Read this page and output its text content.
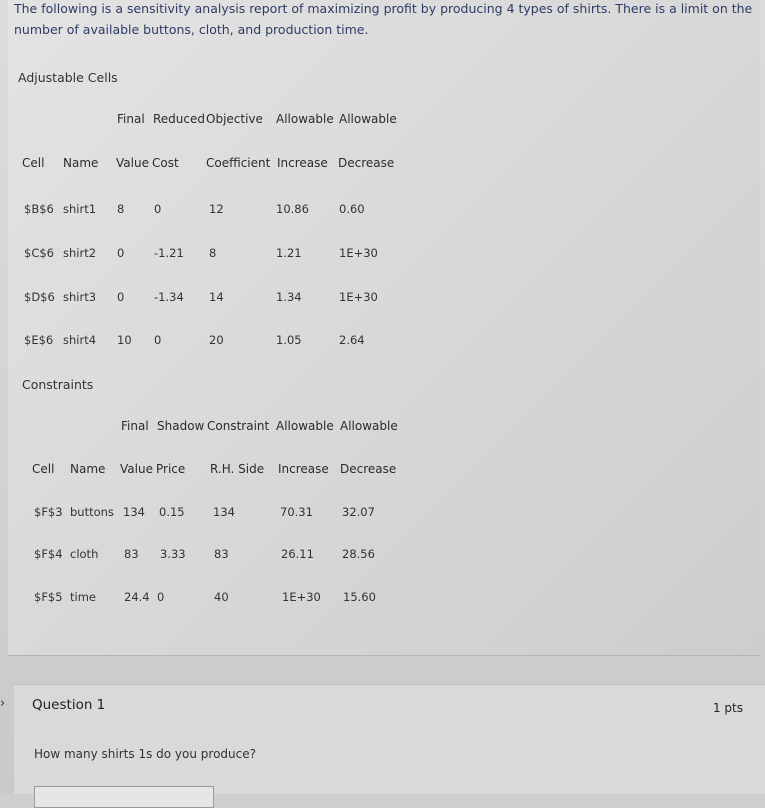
The following is a sensitivity analysis report of maximizing profit by producing 4 types of shirts. There is a limit on the
number of available buttons, cloth, and production time.
Adjustable Cells
Final Reduced Objective Allowable Allowable
Cell Name Value Cost Coefficient Increase Decrease
$B$6 shirt1 8	0	12	10.86	0.60
$C$6 shirt2 0	-1.21 8	1.21	1E+30
$D$6 shirt3 0	-1.34 14	1.34	1E+30
$E$6 shirt4 10 0	20	1.05	2.64
Constraints
Final Shadow Constraint Allowable Allowable
Cell Name Value Price R.H. Side Increase Decrease
$F$3 buttons 134 0.15 134	70.31	32.07
$F$4 cloth 83 3.33 83	26.11 28.56
$F$5 time 24.4 0	40	1E+30 15.60
›	Question 1	1 pts
How many shirts 1s do you produce?
